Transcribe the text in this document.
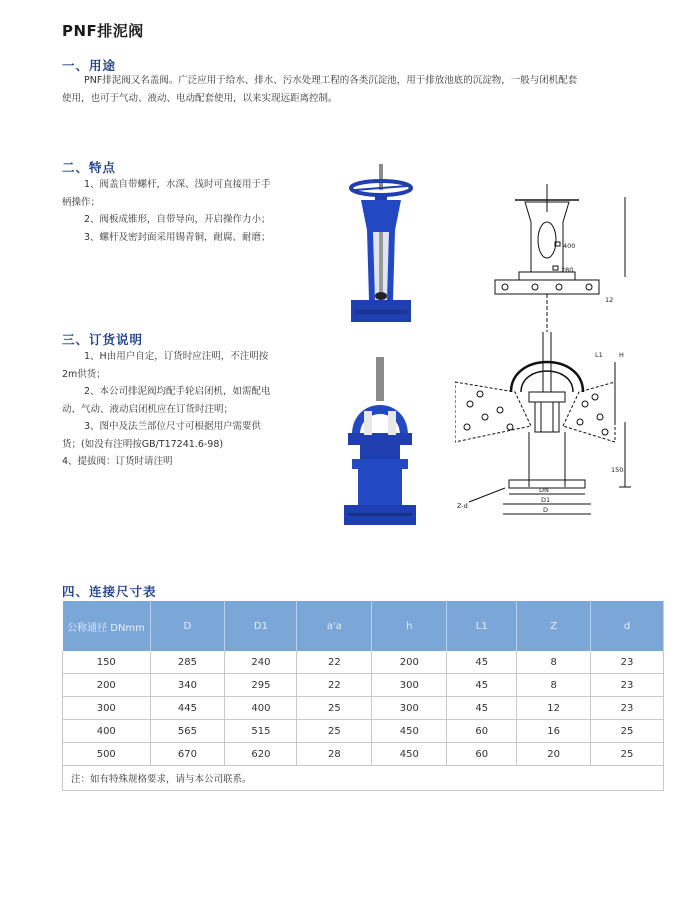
PNF排泥阀
一、用途
PNF排泥阀又名盖阀。广泛应用于给水、排水、污水处理工程的各类沉淀池，用于排放池底的沉淀物，一般与闭机配套
使用，也可于气动、液动、电动配套使用，以来实现远距离控制。
二、特点
1、阀盖自带螺杆，水深、浅时可直接用于手
柄操作；
2、阀板成锥形，自带导向，开启操作力小；
3、螺杆及密封面采用锡青铜，耐腐、耐磨；
三、订货说明
1、H由用户自定，订货时应注明，不注明按
2m供货；
2、本公司排泥阀均配手轮启闭机，如需配电
动、气动、液动启闭机应在订货时注明；
3、图中及法兰部位尺寸可根据用户需要供
货；(如没有注明按GB/T17241.6-98)
4、提拔阀：订货时请注明
400
280
12
L1 H
150
DN
D1
D
Z-d
四、连接尺寸表
公称通径 DNmm	D	D1	a'a	h	L1	Z	d
150	285	240	22	200	45	8	23
200	340	295	22	300	45	8	23
300	445	400	25	300	45	12	23
400	565	515	25	450	60	16	25
500	670	620	28	450	60	20	25
注：如有特殊规格要求，请与本公司联系。							
